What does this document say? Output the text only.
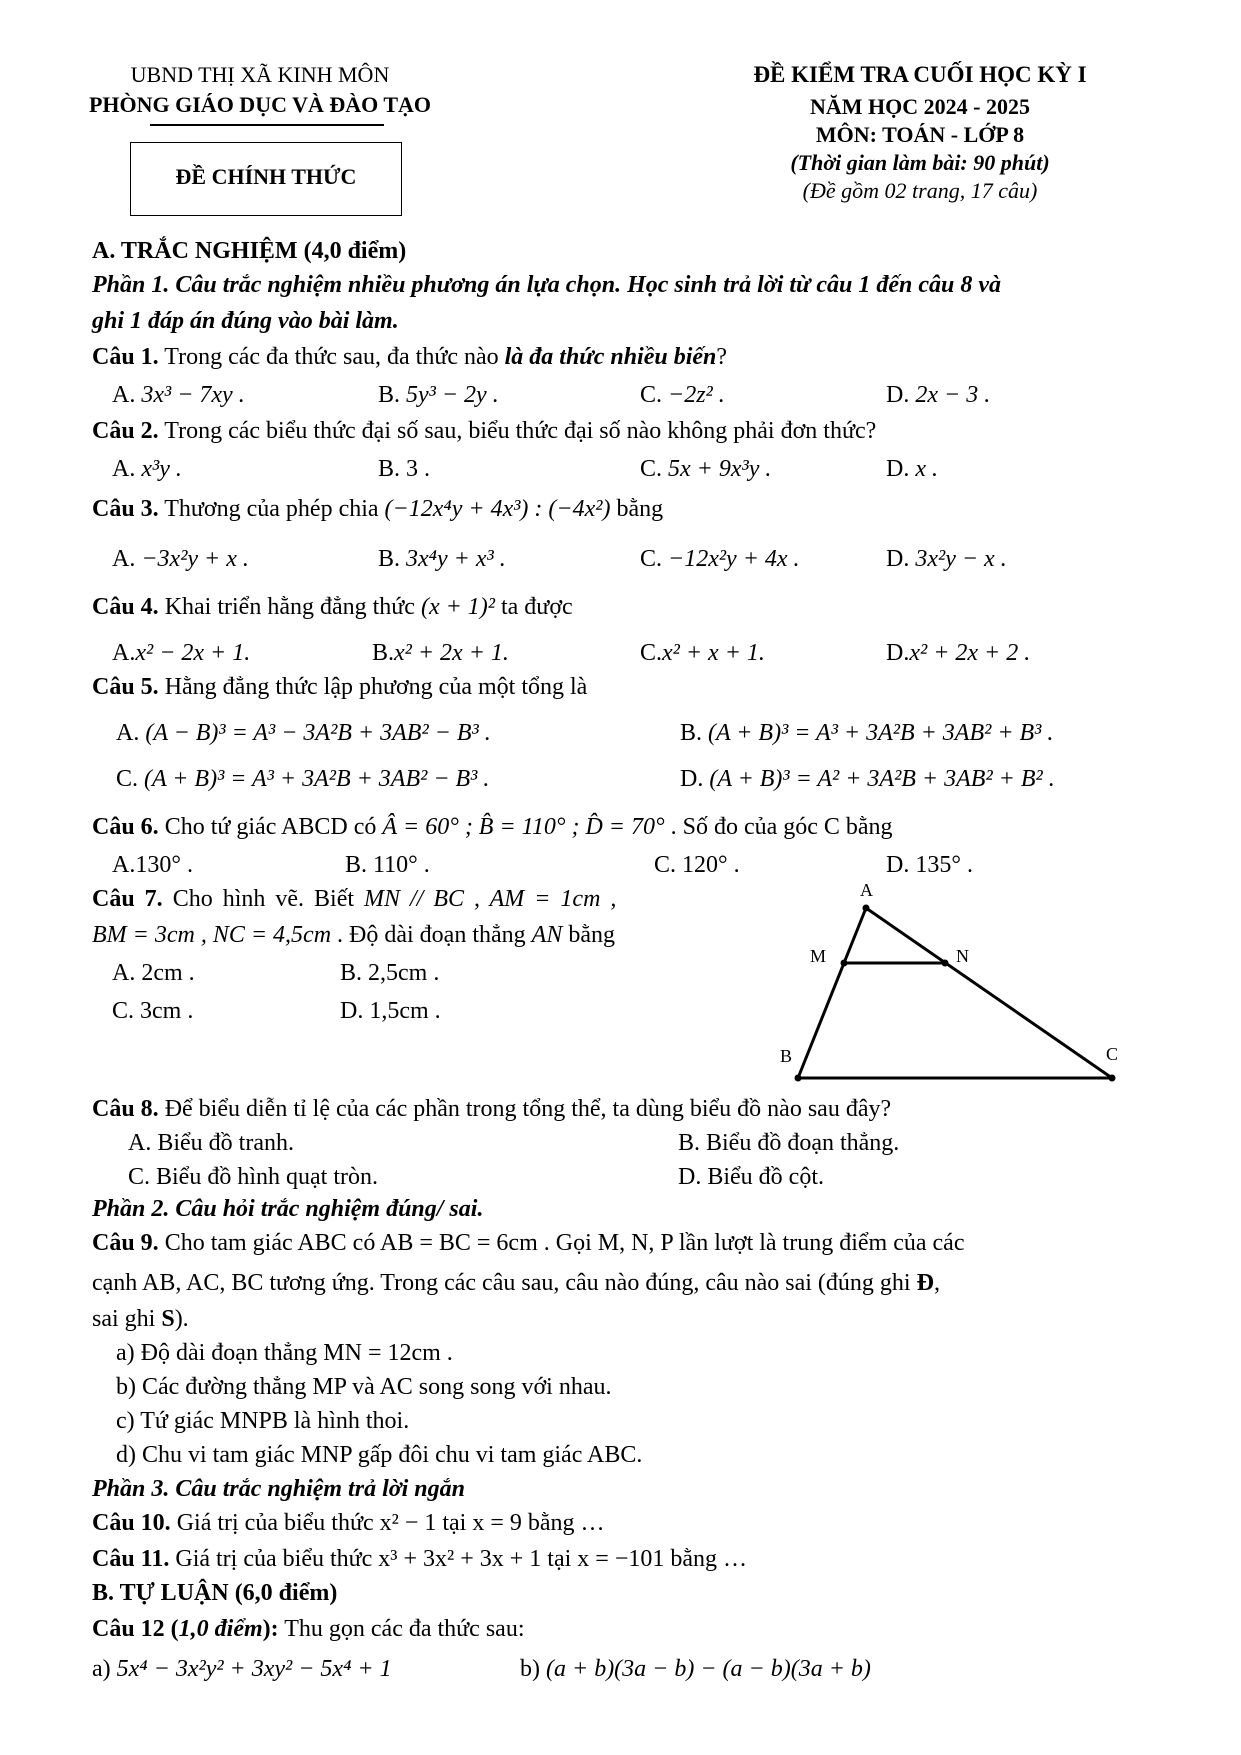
UBND THỊ XÃ KINH MÔN
PHÒNG GIÁO DỤC VÀ ĐÀO TẠO
ĐỀ CHÍNH THỨC
ĐỀ KIỂM TRA CUỐI HỌC KỲ I
NĂM HỌC 2024 - 2025
MÔN: TOÁN - LỚP 8
(Thời gian làm bài: 90 phút)
(Đề gồm 02 trang, 17 câu)
A. TRẮC NGHIỆM (4,0 điểm)
Phần 1. Câu trắc nghiệm nhiều phương án lựa chọn. Học sinh trả lời từ câu 1 đến câu 8 và
ghi 1 đáp án đúng vào bài làm.
Câu 1. Trong các đa thức sau, đa thức nào là đa thức nhiều biến?
A. 3x³ − 7xy .	B. 5y³ − 2y .	C. −2z² .	D. 2x − 3 .
Câu 2. Trong các biểu thức đại số sau, biểu thức đại số nào không phải đơn thức?
A. x³y .	B. 3 .	C. 5x + 9x³y .	D. x .
Câu 3. Thương của phép chia (−12x⁴y + 4x³) : (−4x²) bằng
A. −3x²y + x .	B. 3x⁴y + x³ .	C. −12x²y + 4x .	D. 3x²y − x .
Câu 4. Khai triển hằng đẳng thức (x + 1)² ta được
A.x² − 2x + 1.	B.x² + 2x + 1.	C.x² + x + 1.	D.x² + 2x + 2 .
Câu 5. Hằng đẳng thức lập phương của một tổng là
A. (A − B)³ = A³ − 3A²B + 3AB² − B³ .	B. (A + B)³ = A³ + 3A²B + 3AB² + B³ .
C. (A + B)³ = A³ + 3A²B + 3AB² − B³ .	D. (A + B)³ = A² + 3A²B + 3AB² + B² .
Câu 6. Cho tứ giác ABCD có Â = 60° ; B̂ = 110° ; D̂ = 70° . Số đo của góc C bằng
A.130° .	B. 110° .	C. 120° .	D. 135° .
Câu 7. Cho hình vẽ. Biết MN // BC , AM = 1cm ,
BM = 3cm , NC = 4,5cm . Độ dài đoạn thẳng AN bằng
A. 2cm .	B. 2,5cm .
C. 3cm .	D. 1,5cm .
A
M	N
B	C
Câu 8. Để biểu diễn tỉ lệ của các phần trong tổng thể, ta dùng biểu đồ nào sau đây?
A. Biểu đồ tranh.	B. Biểu đồ đoạn thẳng.
C. Biểu đồ hình quạt tròn.	D. Biểu đồ cột.
Phần 2. Câu hỏi trắc nghiệm đúng/ sai.
Câu 9. Cho tam giác ABC có AB = BC = 6cm . Gọi M, N, P lần lượt là trung điểm của các
cạnh AB, AC, BC tương ứng. Trong các câu sau, câu nào đúng, câu nào sai (đúng ghi Đ,
sai ghi S).
a) Độ dài đoạn thẳng MN = 12cm .
b) Các đường thẳng MP và AC song song với nhau.
c) Tứ giác MNPB là hình thoi.
d) Chu vi tam giác MNP gấp đôi chu vi tam giác ABC.
Phần 3. Câu trắc nghiệm trả lời ngắn
Câu 10. Giá trị của biểu thức x² − 1 tại x = 9 bằng …
Câu 11. Giá trị của biểu thức x³ + 3x² + 3x + 1 tại x = −101 bằng …
B. TỰ LUẬN (6,0 điểm)
Câu 12 (1,0 điểm): Thu gọn các đa thức sau:
a) 5x⁴ − 3x²y² + 3xy² − 5x⁴ + 1	b) (a + b)(3a − b) − (a − b)(3a + b)
